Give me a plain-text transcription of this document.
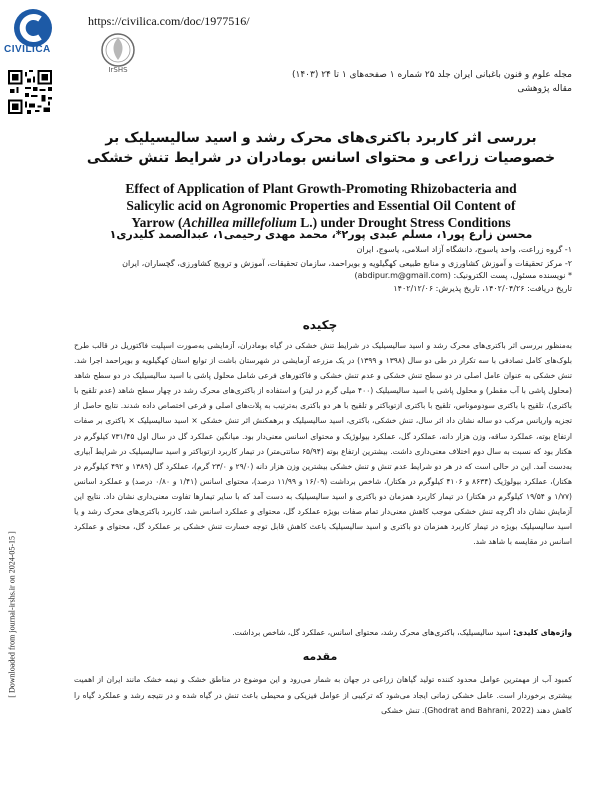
CIVILICA
https://civilica.com/doc/1977516/
IrSHS	مجله علوم و فنون باغبانی ایران جلد ۲۵ شماره ۱ صفحه‌های ۱ تا ۲۴ (۱۴۰۳)
مقاله پژوهشی
بررسی اثر کاربرد باکتری‌های محرک رشد و اسید سالیسیلیک بر خصوصیات زراعی و محتوای اسانس بومادران در شرایط تنش خشکی
Effect of Application of Plant Growth-Promoting Rhizobacteria and
Salicylic acid on Agronomic Properties and Essential Oil Content of
Yarrow (Achillea millefolium L.) under Drought Stress Conditions
محسن زارع پور۱، مسلم عبدی پور۲*، محمد مهدی رحیمی۱، عبدالصمد کلیدری۱
۱- گروه زراعت، واحد یاسوج، دانشگاه آزاد اسلامی، یاسوج، ایران
۲- مرکز تحقیقات و آموزش کشاورزی و منابع طبیعی کهگیلویه و بویراحمد، سازمان تحقیقات، آموزش و ترویج کشاورزی، گچساران، ایران
* نویسنده مسئول، پست الکترونیک: (abdipur.m@gmail.com)
تاریخ دریافت: ۱۴۰۲/۰۴/۲۶، تاریخ پذیرش: ۱۴۰۲/۱۲/۰۶
چکیده
به‌منظور بررسی اثر باکتری‌های محرک رشد و اسید سالیسیلیک در شرایط تنش خشکی در گیاه بومادران، آزمایشی به‌صورت اسپلیت فاکتوریل در قالب طرح بلوک‌های کامل تصادفی با سه تکرار در طی دو سال (۱۳۹۸ و ۱۳۹۹) در یک مزرعه آزمایشی در شهرستان باشت از توابع استان کهگیلویه و بویراحمد اجرا شد. تنش خشکی به عنوان عامل اصلی در دو سطح تنش خشکی و عدم تنش خشکی و فاکتورهای فرعی شامل محلول پاشی با اسید سالیسیلیک در دو سطح شاهد (محلول پاشی با آب مقطر) و محلول پاشی با اسید سالیسیلیک (۴۰۰ میلی گرم در لیتر) و استفاده از باکتری‌های محرک رشد در چهار سطح شاهد (عدم تلقیح با باکتری)، تلقیح با باکتری سودوموناس، تلقیح با باکتری ازتوباکتر و تلقیح با هر دو باکتری به‌ترتیب به پلات‌های اصلی و فرعی اختصاص داده شدند. نتایج حاصل از تجزیه واریانس مرکب دو ساله نشان داد اثر سال، تنش خشکی، باکتری، اسید سالیسیلیک و برهمکنش اثر تنش خشکی × اسید سالیسیلیک × باکتری بر صفات ارتفاع بوته، عملکرد ساقه، وزن هزار دانه، عملکرد گل، عملکرد بیولوژیک و محتوای اسانس معنی‌دار بود. میانگین عملکرد گل در سال اول ۷۳۱/۴۵ کیلوگرم در هکتار بود که نسبت به سال دوم اختلاف معنی‌داری داشت. بیشترین ارتفاع بوته (۶۵/۹۴ سانتی‌متر) در تیمار کاربرد ازتوباکتر و اسید سالیسیلیک در شرایط آبیاری به‌دست آمد. این در حالی است که در هر دو شرایط عدم تنش و تنش خشکی بیشترین وزن هزار دانه (۲۹/۰ و ۲۳/۰ گرم)، عملکرد گل (۱۳۸۹ و ۴۹۲ کیلوگرم در هکتار)، عملکرد بیولوژیک (۸۶۳۴ و ۴۱۰۶ کیلوگرم در هکتار)، شاخص برداشت (۱۶/۰۹ و ۱۱/۹۹ درصد)، محتوای اسانس (۱/۴۱ و ۰/۸۰ درصد) و عملکرد اسانس (۱/۷۷ و ۱۹/۵۴ کیلوگرم در هکتار) در تیمار کاربرد همزمان دو باکتری و اسید سالیسیلیک به دست آمد که با سایر تیمارها تفاوت معنی‌داری نشان داد. نتایج این آزمایش نشان داد اگرچه تنش خشکی موجب کاهش معنی‌دار تمام صفات بویژه عملکرد گل، محتوای و عملکرد اسانس شد، کاربرد باکتری‌های محرک رشد و یا اسید سالیسیلیک بویژه در تیمار کاربرد همزمان دو باکتری و اسید سالیسیلیک باعث کاهش قابل توجه خسارت تنش خشکی بر عملکرد گل، محتوای و عملکرد اسانس در مقایسه با شاهد شد.
واژه‌های کلیدی: اسید سالیسیلیک، باکتری‌های محرک رشد، محتوای اسانس، عملکرد گل، شاخص برداشت.
مقدمه
کمبود آب از مهمترین عوامل محدود کننده تولید گیاهان زراعی در جهان به شمار می‌رود و این موضوع در مناطق خشک و نیمه خشک مانند ایران از اهمیت بیشتری برخوردار است. عامل خشکی زمانی ایجاد می‌شود که ترکیبی از عوامل فیزیکی و محیطی باعث تنش در گیاه شده و در نتیجه رشد و عملکرد گیاه را کاهش دهند (Ghodrat and Bahrani, 2022). تنش خشکی
[ Downloaded from journal-irshs.ir on 2024-05-15 ]
